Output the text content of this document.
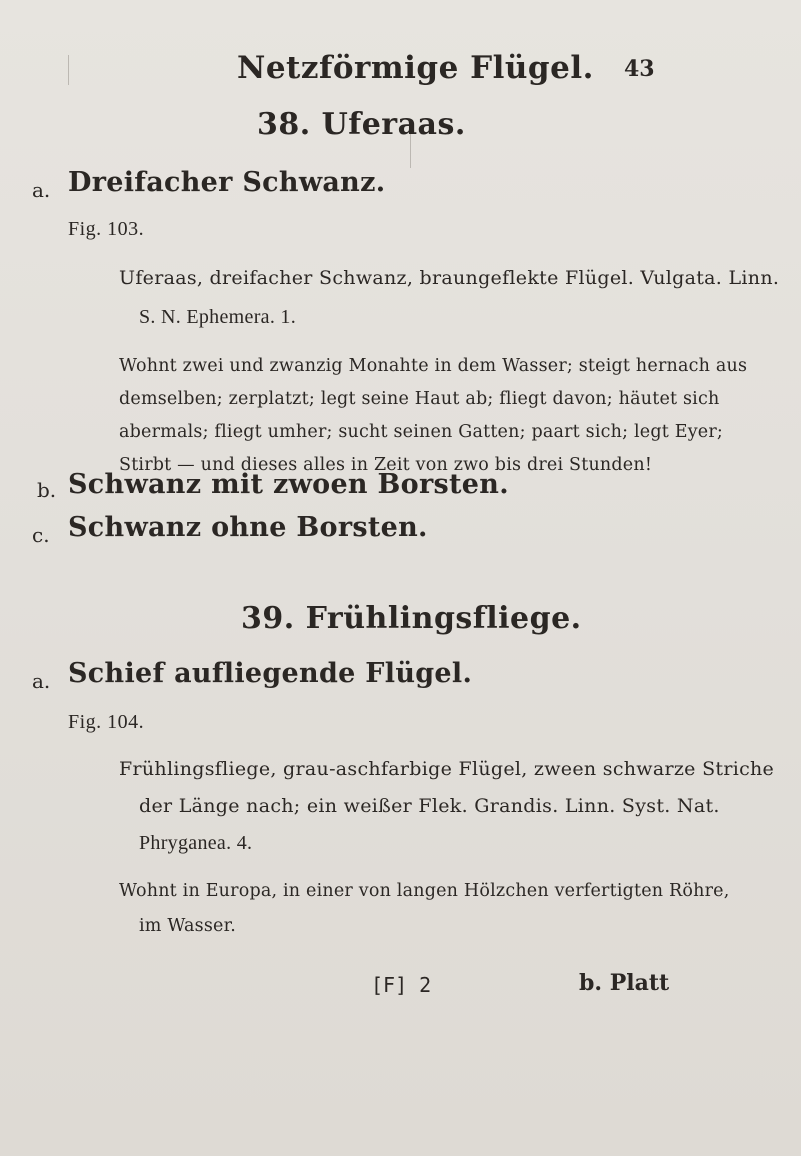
Netzförmige Flügel. 43
38. Uferaas.
a. Dreifacher Schwanz.
Fig. 103.
Uferaas, dreifacher Schwanz, braungeflekte Flügel. Vulgata. Linn.
S. N. Ephemera. 1.
Wohnt zwei und zwanzig Monahte in dem Wasser; steigt hernach aus
demselben; zerplatzt; legt seine Haut ab; fliegt davon; häutet sich
abermals; fliegt umher; sucht seinen Gatten; paart sich; legt Eyer;
Stirbt — und dieses alles in Zeit von zwo bis drei Stunden!
b. Schwanz mit zwoen Borsten.
c. Schwanz ohne Borsten.
39. Frühlingsfliege.
a. Schief aufliegende Flügel.
Fig. 104.
Frühlingsfliege, grau-aschfarbige Flügel, zween schwarze Striche
der Länge nach; ein weißer Flek. Grandis. Linn. Syst. Nat.
Phryganea. 4.
Wohnt in Europa, in einer von langen Hölzchen verfertigten Röhre,
im Wasser.
[F] 2	b. Platt
